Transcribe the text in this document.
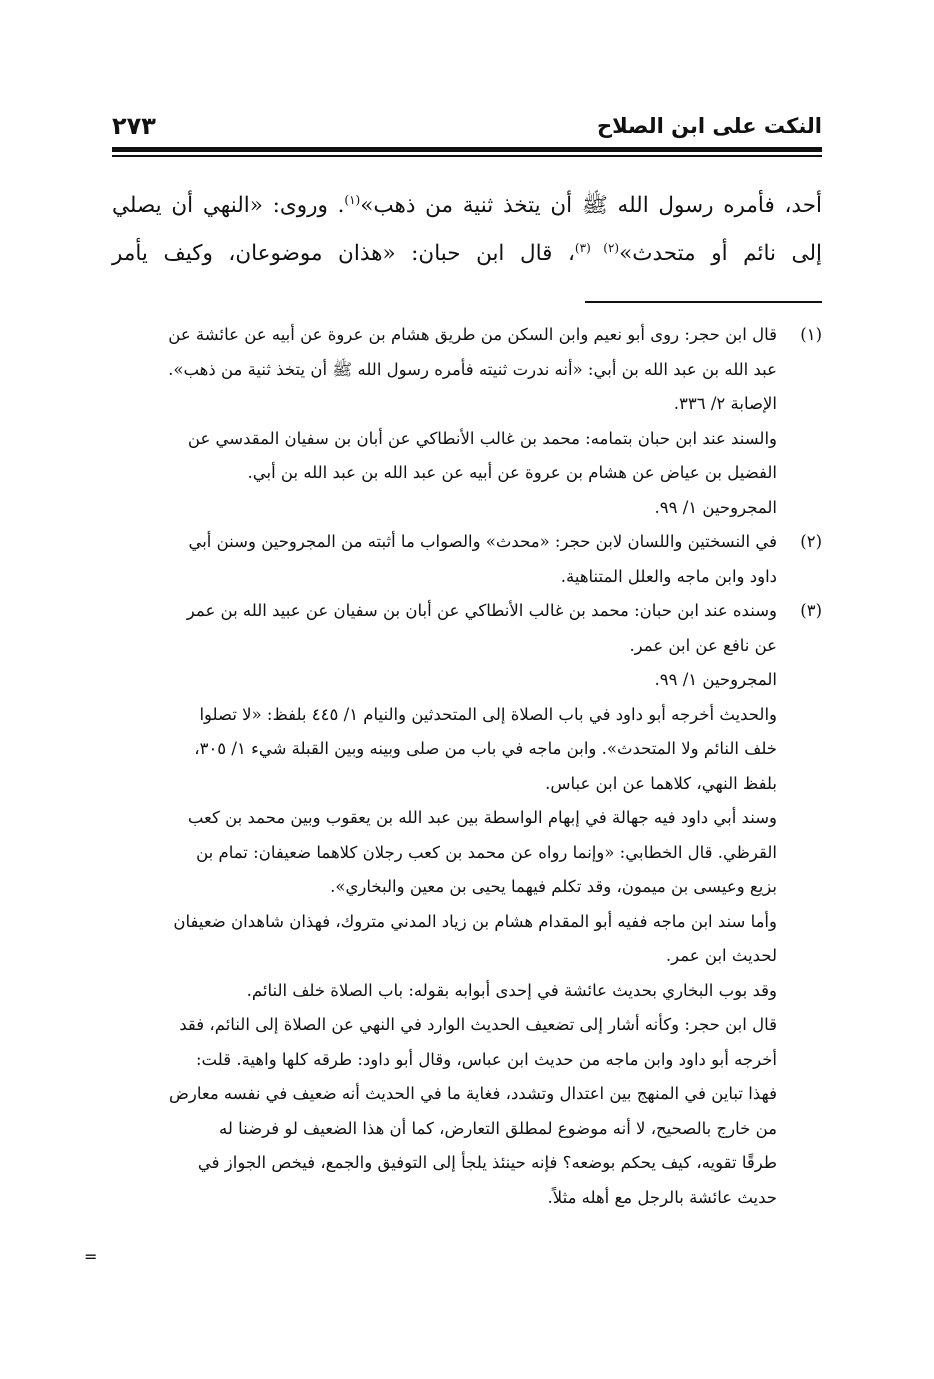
النكت على ابن الصلاح
٢٧٣

أحد، فأمره رسول الله ﷺ أن يتخذ ثنية من ذهب»$^{(١)}$. وروى: «النهي أن يصلي

إلى نائم أو متحدث»$^{(٢) (٣)}$، قال ابن حبان: «هذان موضوعان، وكيف يأمر

(١)قال ابن حجر: روى أبو نعيم وابن السكن من طريق هشام بن عروة عن أبيه عن عائشة عن

عبد الله بن عبد الله بن أبي: «أنه ندرت ثنيته فأمره رسول الله ﷺ أن يتخذ ثنية من ذهب».

الإصابة ٢/ ٣٣٦.

والسند عند ابن حبان بتمامه: محمد بن غالب الأنطاكي عن أبان بن سفيان المقدسي عن

الفضيل بن عياض عن هشام بن عروة عن أبيه عن عبد الله بن عبد الله بن أبي.

المجروحين ١/ ٩٩.

(٢)في النسختين واللسان لابن حجر: «محدث» والصواب ما أثبته من المجروحين وسنن أبي

داود وابن ماجه والعلل المتناهية.

(٣)وسنده عند ابن حبان: محمد بن غالب الأنطاكي عن أبان بن سفيان عن عبيد الله بن عمر

عن نافع عن ابن عمر.

المجروحين ١/ ٩٩.

والحديث أخرجه أبو داود في باب الصلاة إلى المتحدثين والنيام ١/ ٤٤٥ بلفظ: «لا تصلوا

خلف النائم ولا المتحدث». وابن ماجه في باب من صلى وبينه وبين القبلة شيء ١/ ٣٠٥،

بلفظ النهي، كلاهما عن ابن عباس.

وسند أبي داود فيه جهالة في إبهام الواسطة بين عبد الله بن يعقوب وبين محمد بن كعب

القرظي. قال الخطابي: «وإنما رواه عن محمد بن كعب رجلان كلاهما ضعيفان: تمام بن

بزيع وعيسى بن ميمون، وقد تكلم فيهما يحيى بن معين والبخاري».

وأما سند ابن ماجه ففيه أبو المقدام هشام بن زياد المدني متروك، فهذان شاهدان ضعيفان

لحديث ابن عمر.

وقد بوب البخاري بحديث عائشة في إحدى أبوابه بقوله: باب الصلاة خلف النائم.

قال ابن حجر: وكأنه أشار إلى تضعيف الحديث الوارد في النهي عن الصلاة إلى النائم، فقد

أخرجه أبو داود وابن ماجه من حديث ابن عباس، وقال أبو داود: طرقه كلها واهية. قلت:

فهذا تباين في المنهج بين اعتدال وتشدد، فغاية ما في الحديث أنه ضعيف في نفسه معارض

من خارج بالصحيح، لا أنه موضوع لمطلق التعارض، كما أن هذا الضعيف لو فرضنا له

طرقًا تقويه، كيف يحكم بوضعه؟ فإنه حينئذ يلجأ إلى التوفيق والجمع، فيخص الجواز في

حديث عائشة بالرجل مع أهله مثلاً.

=
